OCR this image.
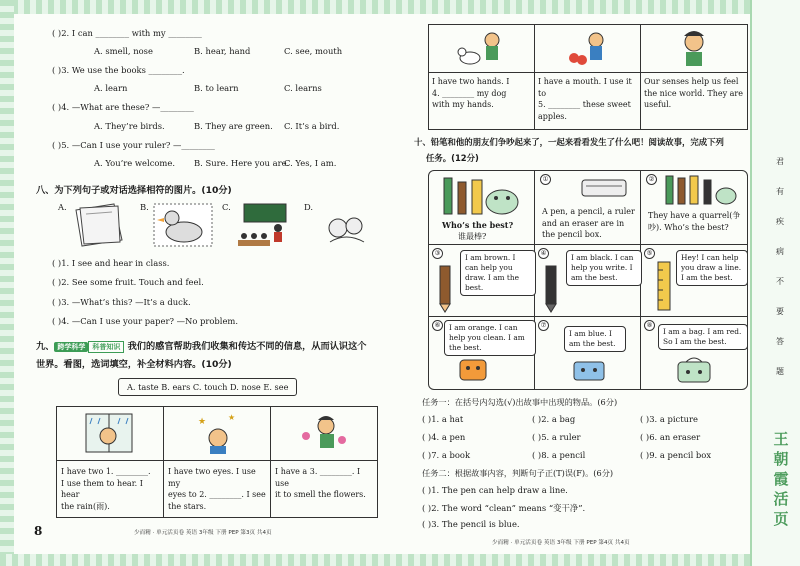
( )2. I can ________ with my ________
A. smell, nose	B. hear, hand	C. see, mouth
( )3. We use the books ________.
A. learn	B. to learn	C. learns
( )4. —What are these? —________
A. They’re birds.	B. They are green. C. It’s a bird.
( )5. —Can I use your ruler? —________
A. You’re welcome. B. Sure. Here you are.
C. Yes, I am.
八、为下列句子或对话选择相符的图片。(10分)
A.	B.	C.	D.
( )1. I see and hear in class.
( )2. See some fruit. Touch and feel.
( )3. —What’s this? —It’s a duck.
( )4. —Can I use your paper? —No problem.
九、 跨学科学 科普知识 我们的感官帮助我们收集和传达不同的信息，从而认识这个
世界。看图，选词填空，补全材料内容。(10分)
A. taste B. ears C. touch D. nose E. see
★	★
I have two 1. ________.
I use them to hear. I hear
the rain(雨).
I have two eyes. I use my
eyes to 2. ________. I see
the stars.
I have a 3. ________. I use
it to smell the flowers.
8	少而精 · 单元活页卷 英语 3年级 下册 PEP 第3页 共4页
I have two hands. I
4. ________ my dog
with my hands.
I have a mouth. I use it to
5. ________ these sweet
apples.
Our senses help us feel
the nice world. They are
useful.
十、铅笔和他的朋友们争吵起来了，一起来看看发生了什么吧！阅读故事，完成下列
任务。(12分)
Who’s the best?
谁最棒?
①
A pen, a pencil, a ruler and an eraser are in the pencil box.
②
They have a quarrel(争吵). Who’s the best?
③	I am brown. I can help you draw. I am the best.
④	I am black. I can help you write. I am the best.
⑤	Hey! I can help you draw a line. I am the best.
⑥	I am orange. I can help you clean. I am the best.
⑦
I am blue. I am the best.
⑧
I am a bag. I am red. So I am the best.
任务一：在括号内勾选(√)出故事中出现的物品。(6分)
( )1. a hat	( )2. a bag	( )3. a picture
( )4. a pen	( )5. a ruler	( )6. an eraser
( )7. a book	( )8. a pencil	( )9. a pencil box
任务二：根据故事内容，判断句子正(T)误(F)。(6分)
( )1. The pen can help draw a line.
( )2. The word “clean” means “变干净”.
( )3. The pencil is blue.
少而精 · 单元活页卷 英语 3年级 下册 PEP 第4页 共4页
君
有
疾
病
不
要
答
题
王
朝
霞
活
页
